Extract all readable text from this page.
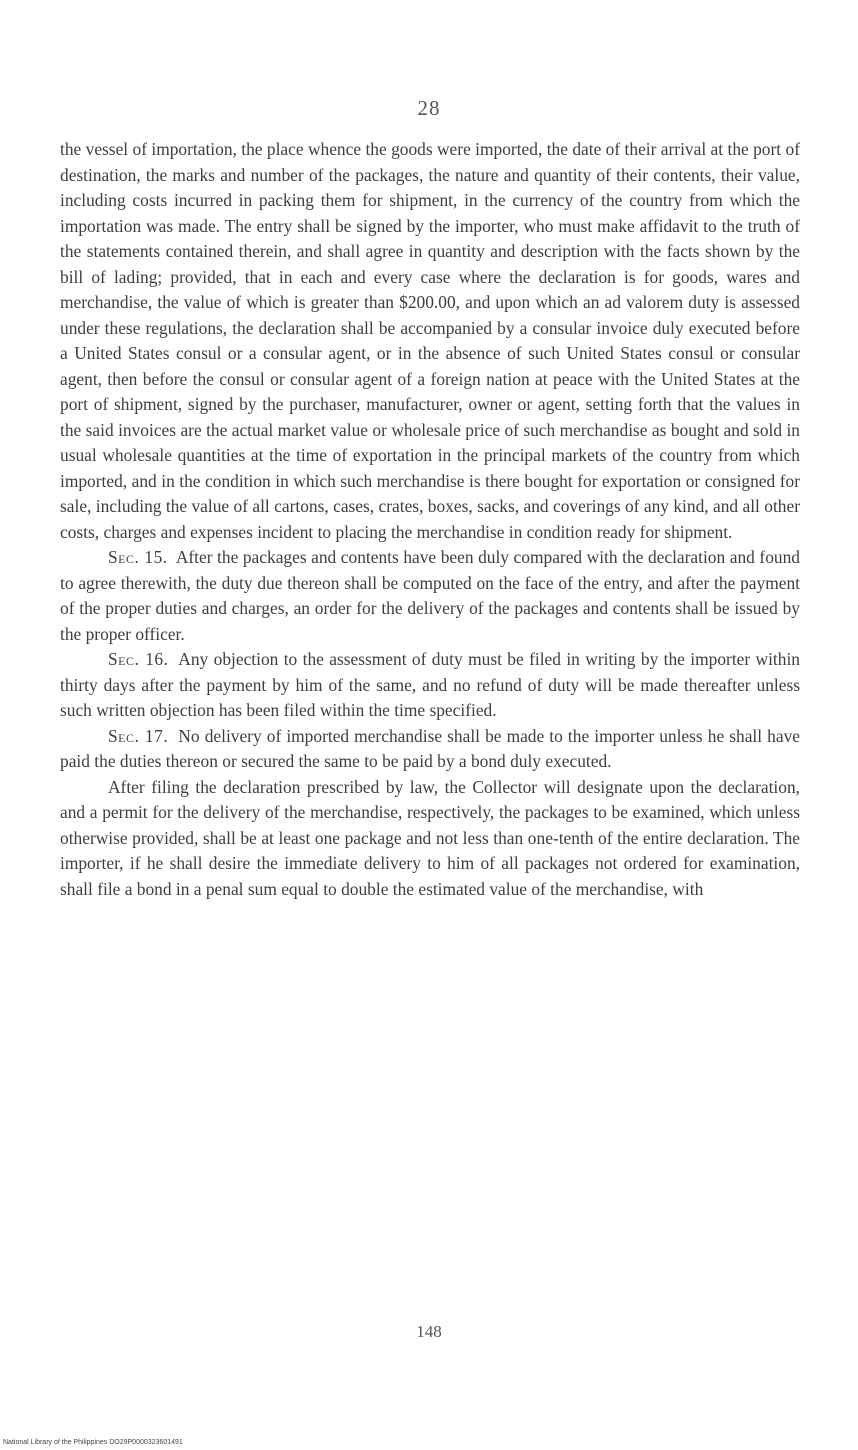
28

the vessel of importation, the place whence the goods were imported, the date of their arrival at the port of destination, the marks and number of the packages, the nature and quantity of their contents, their value, including costs incurred in packing them for shipment, in the currency of the country from which the importation was made. The entry shall be signed by the importer, who must make affidavit to the truth of the statements contained therein, and shall agree in quantity and description with the facts shown by the bill of lading; provided, that in each and every case where the declaration is for goods, wares and merchandise, the value of which is greater than $200.00, and upon which an ad valorem duty is assessed under these regulations, the declaration shall be accompanied by a consular invoice duly executed before a United States consul or a consular agent, or in the absence of such United States consul or consular agent, then before the consul or consular agent of a foreign nation at peace with the United States at the port of shipment, signed by the purchaser, manufacturer, owner or agent, setting forth that the values in the said invoices are the actual market value or wholesale price of such merchandise as bought and sold in usual wholesale quantities at the time of exportation in the principal markets of the country from which imported, and in the condition in which such merchandise is there bought for exportation or consigned for sale, including the value of all cartons, cases, crates, boxes, sacks, and coverings of any kind, and all other costs, charges and expenses incident to placing the merchandise in condition ready for shipment.

Sec. 15. After the packages and contents have been duly compared with the declaration and found to agree therewith, the duty due thereon shall be computed on the face of the entry, and after the payment of the proper duties and charges, an order for the delivery of the packages and contents shall be issued by the proper officer.

Sec. 16. Any objection to the assessment of duty must be filed in writing by the importer within thirty days after the payment by him of the same, and no refund of duty will be made thereafter unless such written objection has been filed within the time specified.

Sec. 17. No delivery of imported merchandise shall be made to the importer unless he shall have paid the duties thereon or secured the same to be paid by a bond duly executed.

After filing the declaration prescribed by law, the Collector will designate upon the declaration, and a permit for the delivery of the merchandise, respectively, the packages to be examined, which unless otherwise provided, shall be at least one package and not less than one-tenth of the entire declaration. The importer, if he shall desire the immediate delivery to him of all packages not ordered for examination, shall file a bond in a penal sum equal to double the estimated value of the merchandise, with

148
National Library of the Philippines DO29P0000323601491
